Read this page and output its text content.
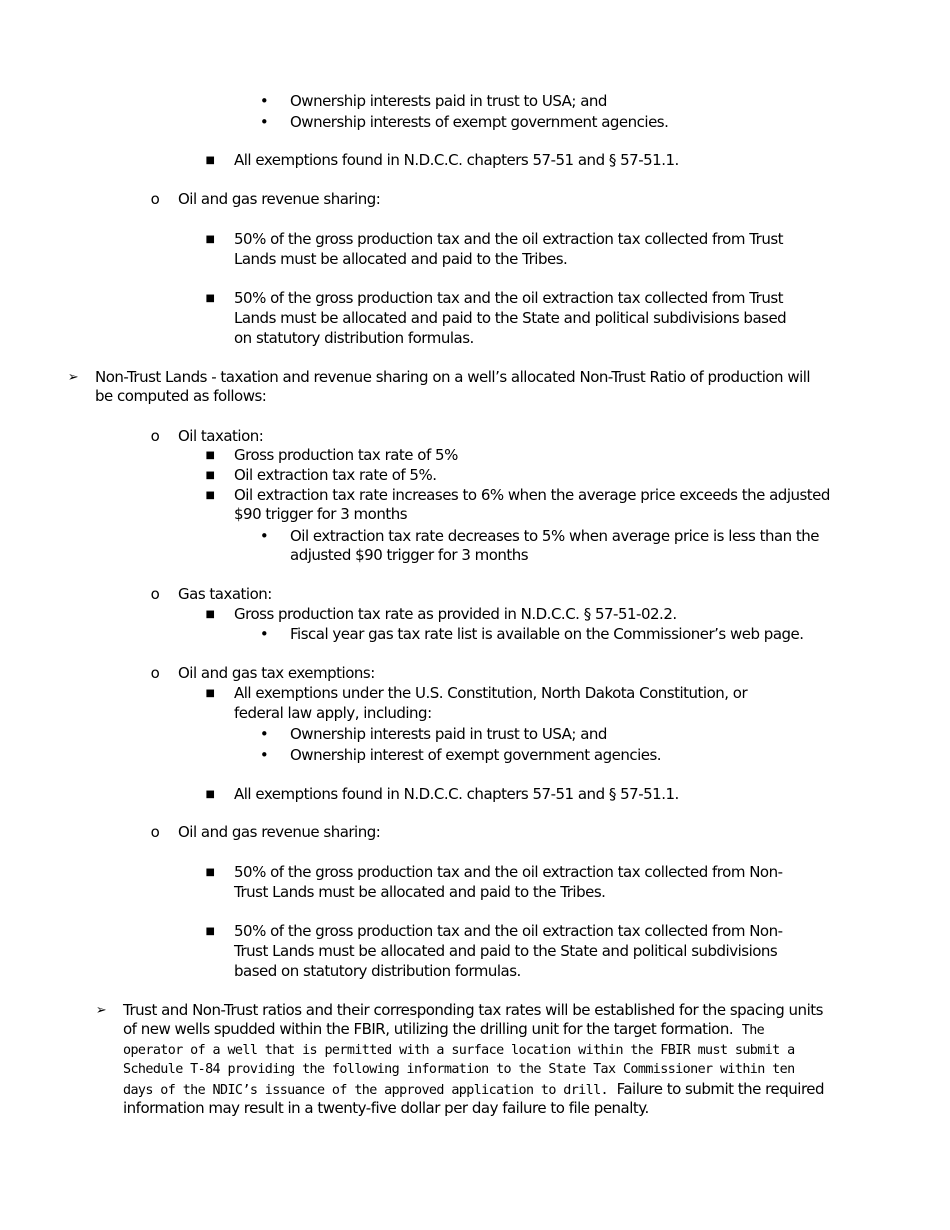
• Ownership interests paid in trust to USA; and
• Ownership interests of exempt government agencies.
■ All exemptions found in N.D.C.C. chapters 57-51 and § 57-51.1.
o Oil and gas revenue sharing:
■ 50% of the gross production tax and the oil extraction tax collected from Trust
Lands must be allocated and paid to the Tribes.
■ 50% of the gross production tax and the oil extraction tax collected from Trust
Lands must be allocated and paid to the State and political subdivisions based
on statutory distribution formulas.
➢ Non-Trust Lands - taxation and revenue sharing on a well’s allocated Non-Trust Ratio of production will
be computed as follows:
o Oil taxation:
■ Gross production tax rate of 5%
■ Oil extraction tax rate of 5%.
■ Oil extraction tax rate increases to 6% when the average price exceeds the adjusted
$90 trigger for 3 months
• Oil extraction tax rate decreases to 5% when average price is less than the
adjusted $90 trigger for 3 months
o Gas taxation:
■ Gross production tax rate as provided in N.D.C.C. § 57-51-02.2.
• Fiscal year gas tax rate list is available on the Commissioner’s web page.
o Oil and gas tax exemptions:
■ All exemptions under the U.S. Constitution, North Dakota Constitution, or
federal law apply, including:
• Ownership interests paid in trust to USA; and
• Ownership interest of exempt government agencies.
■ All exemptions found in N.D.C.C. chapters 57-51 and § 57-51.1.
o Oil and gas revenue sharing:
■ 50% of the gross production tax and the oil extraction tax collected from Non-
Trust Lands must be allocated and paid to the Tribes.
■ 50% of the gross production tax and the oil extraction tax collected from Non-
Trust Lands must be allocated and paid to the State and political subdivisions
based on statutory distribution formulas.
➢ Trust and Non-Trust ratios and their corresponding tax rates will be established for the spacing units
of new wells spudded within the FBIR, utilizing the drilling unit for the target formation. The
operator of a well that is permitted with a surface location within the FBIR must submit a
Schedule T-84 providing the following information to the State Tax Commissioner within ten
days of the NDIC’s issuance of the approved application to drill. Failure to submit the required
information may result in a twenty-five dollar per day failure to file penalty.
